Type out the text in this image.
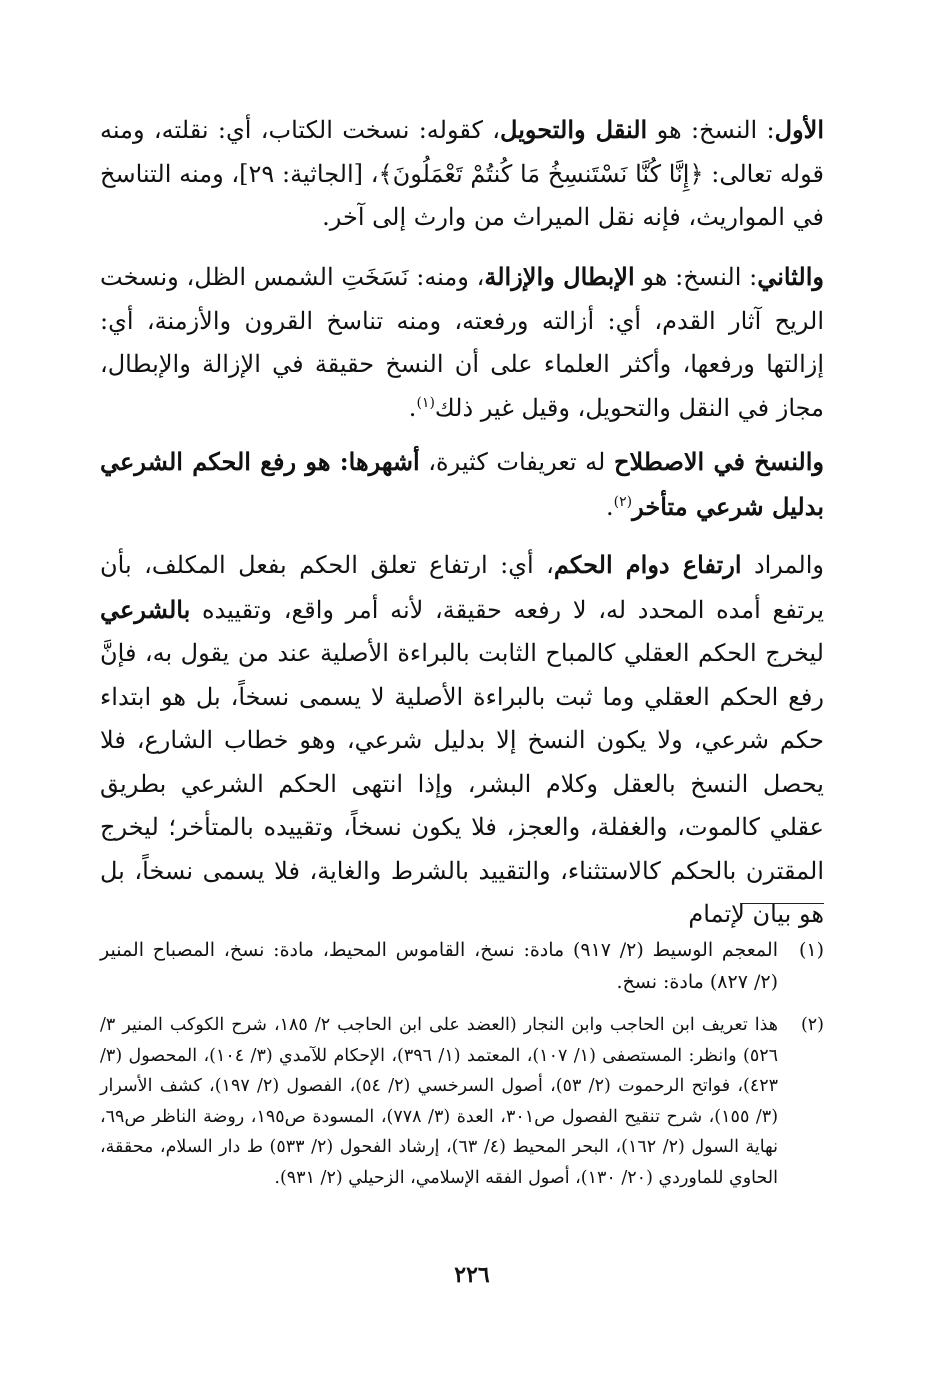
الأول: النسخ: هو النقل والتحويل، كقوله: نسخت الكتاب، أي: نقلته، ومنه قوله تعالى: ﴿إِنَّا كُنَّا نَسْتَنسِخُ مَا كُنتُمْ تَعْمَلُونَ﴾، [الجاثية: ٢٩]، ومنه التناسخ في المواريث، فإنه نقل الميراث من وارث إلى آخر.

والثاني: النسخ: هو الإبطال والإزالة، ومنه: نَسَخَتِ الشمس الظل، ونسخت الريح آثار القدم، أي: أزالته ورفعته، ومنه تناسخ القرون والأزمنة، أي: إزالتها ورفعها، وأكثر العلماء على أن النسخ حقيقة في الإزالة والإبطال، مجاز في النقل والتحويل، وقيل غير ذلك$^{(١)}$.

والنسخ في الاصطلاح له تعريفات كثيرة، أشهرها: هو رفع الحكم الشرعي بدليل شرعي متأخر$^{(٢)}$.

والمراد ارتفاع دوام الحكم، أي: ارتفاع تعلق الحكم بفعل المكلف، بأن يرتفع أمده المحدد له، لا رفعه حقيقة، لأنه أمر واقع، وتقييده بالشرعي ليخرج الحكم العقلي كالمباح الثابت بالبراءة الأصلية عند من يقول به، فإنَّ رفع الحكم العقلي وما ثبت بالبراءة الأصلية لا يسمى نسخاً، بل هو ابتداء حكم شرعي، ولا يكون النسخ إلا بدليل شرعي، وهو خطاب الشارع، فلا يحصل النسخ بالعقل وكلام البشر، وإذا انتهى الحكم الشرعي بطريق عقلي كالموت، والغفلة، والعجز، فلا يكون نسخاً، وتقييده بالمتأخر؛ ليخرج المقترن بالحكم كالاستثناء، والتقييد بالشرط والغاية، فلا يسمى نسخاً، بل هو بيان لإتمام

(١)
المعجم الوسيط (٢/ ٩١٧) مادة: نسخ، القاموس المحيط، مادة: نسخ، المصباح المنير (٢/ ٨٢٧) مادة: نسخ.
(٢)
هذا تعريف ابن الحاجب وابن النجار (العضد على ابن الحاجب ٢/ ١٨٥، شرح الكوكب المنير ٣/ ٥٢٦) وانظر: المستصفى (١/ ١٠٧)، المعتمد (١/ ٣٩٦)، الإحكام للآمدي (٣/ ١٠٤)، المحصول (٣/ ٤٢٣)، فواتح الرحموت (٢/ ٥٣)، أصول السرخسي (٢/ ٥٤)، الفصول (٢/ ١٩٧)، كشف الأسرار (٣/ ١٥٥)، شرح تنقيح الفصول ص٣٠١، العدة (٣/ ٧٧٨)، المسودة ص١٩٥، روضة الناظر ص٦٩، نهاية السول (٢/ ١٦٢)، البحر المحيط (٤/ ٦٣)، إرشاد الفحول (٢/ ٥٣٣) ط دار السلام، محققة، الحاوي للماوردي (٢٠/ ١٣٠)، أصول الفقه الإسلامي، الزحيلي (٢/ ٩٣١).
٢٢٦
